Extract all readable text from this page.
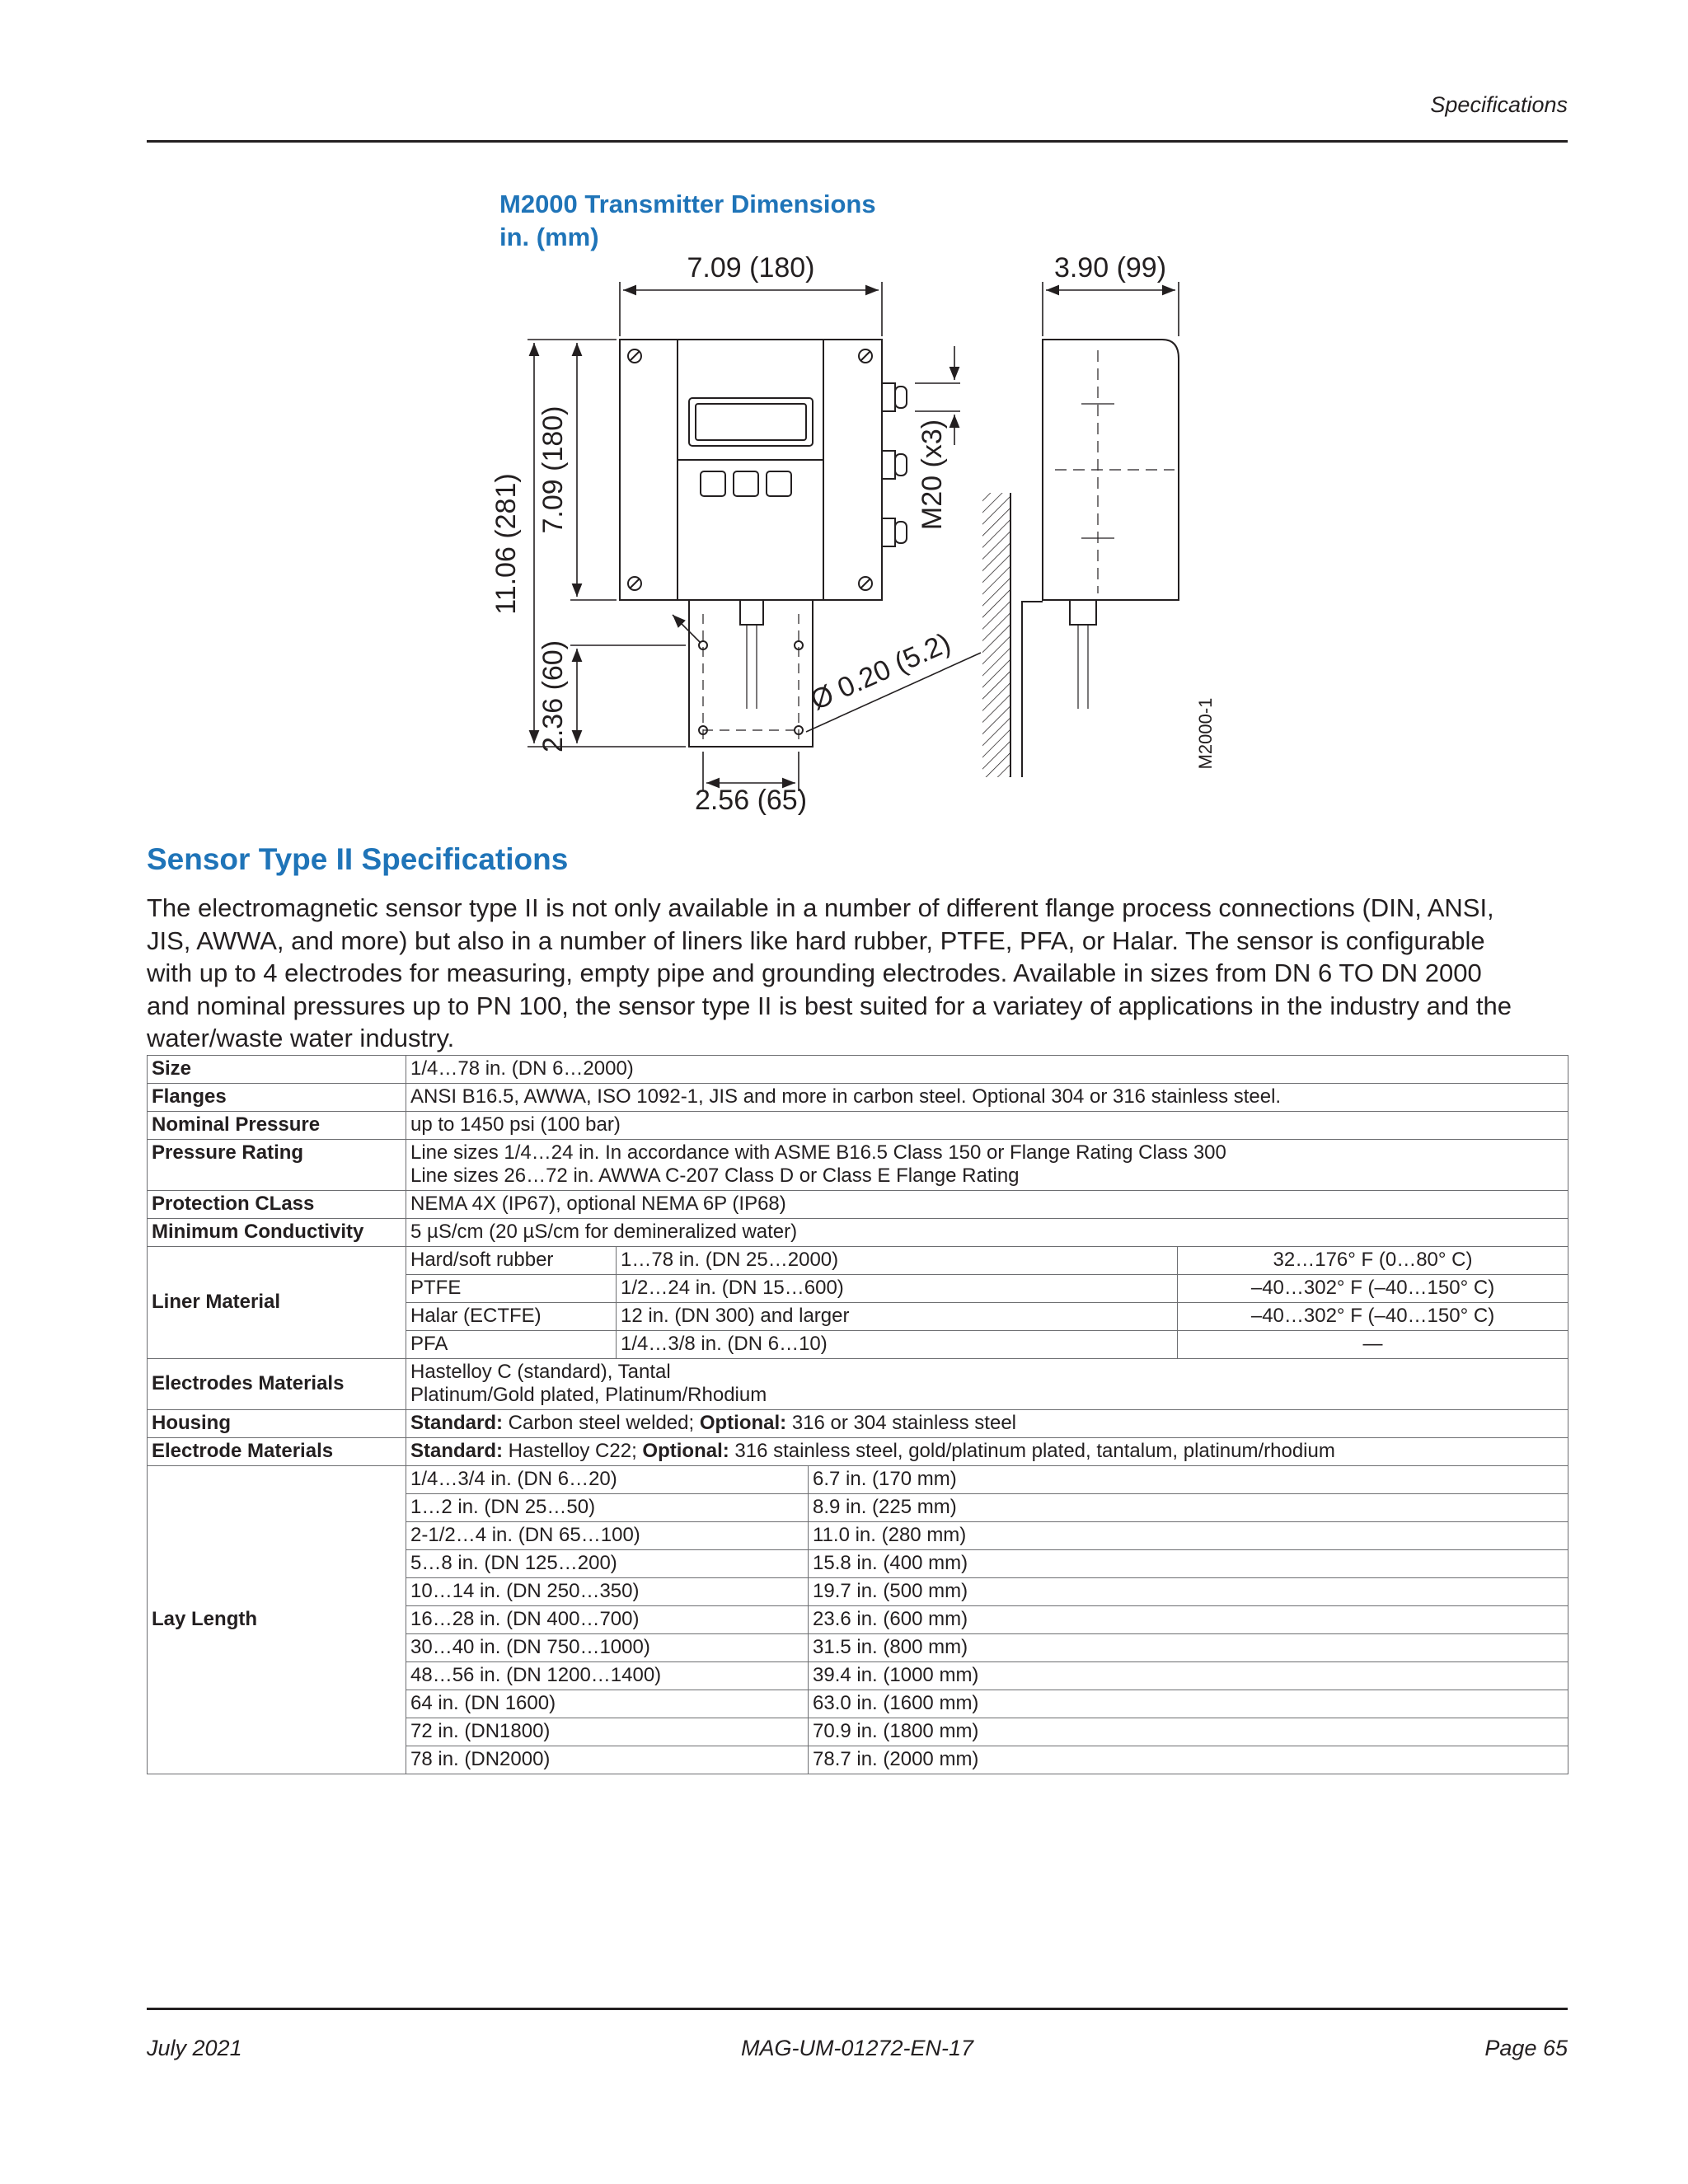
Specifications
M2000 Transmitter Dimensions
in. (mm)
7.09 (180)	3.90 (99)
11.06 (281)
7.09 (180)
2.36 (60)
M20 (x3)
Ø 0.20 (5.2)
2.56 (65)
M2000-1
Sensor Type II Specifications
The electromagnetic sensor type II is not only available in a number of different flange process connections (DIN, ANSI, JIS, AWWA, and more) but also in a number of liners like hard rubber, PTFE, PFA, or Halar. The sensor is configurable with up to 4 electrodes for measuring, empty pipe and grounding electrodes. Available in sizes from DN 6 TO DN 2000 and nominal pressures up to PN 100, the sensor type II is best suited for a variatey of applications in the industry and the water/waste water industry.
Size	1/4…78 in. (DN 6…2000)			
Flanges	ANSI B16.5, AWWA, ISO 1092-1, JIS and more in carbon steel. Optional 304 or 316 stainless steel.			
Nominal Pressure	up to 1450 psi (100 bar)			
Pressure Rating	Line sizes 1/4…24 in. In accordance with ASME B16.5 Class 150 or Flange Rating Class 300
Line sizes 26…72 in. AWWA C-207 Class D or Class E Flange Rating			

Protection CLass	NEMA 4X (IP67), optional NEMA 6P (IP68)			
Minimum Conductivity	5 µS/cm (20 µS/cm for demineralized water)			
Liner Material	Hard/soft rubber	1…78 in. (DN 25…2000)		32…176° F (0…80° C)
	PTFE	1/2…24 in. (DN 15…600)		–40…302° F (–40…150° C)
	Halar (ECTFE)	12 in. (DN 300) and larger		–40…302° F (–40…150° C)
	PFA	1/4…3/8 in. (DN 6…10)		—
Electrodes Materials	Hastelloy C (standard), Tantal
Platinum/Gold plated, Platinum/Rhodium			

Housing	Standard: Carbon steel welded; Optional: 316 or 304 stainless steel			
Electrode Materials	Standard: Hastelloy C22; Optional: 316 stainless steel, gold/platinum plated, tantalum, platinum/rhodium			
Lay Length	1/4…3/4 in. (DN 6…20)		6.7 in. (170 mm)	
	1…2 in. (DN 25…50)		8.9 in. (225 mm)	
	2-1/2…4 in. (DN 65…100)		11.0 in. (280 mm)	
	5…8 in. (DN 125…200)		15.8 in. (400 mm)	
	10…14 in. (DN 250…350)		19.7 in. (500 mm)	
	16…28 in. (DN 400…700)		23.6 in. (600 mm)	
	30…40 in. (DN 750…1000)		31.5 in. (800 mm)	
	48…56 in. (DN 1200…1400)		39.4 in. (1000 mm)	
	64 in. (DN 1600)		63.0 in. (1600 mm)	
	72 in. (DN1800)		70.9 in. (1800 mm)	
	78 in. (DN2000)		78.7 in. (2000 mm)	
July 2021	MAG-UM-01272-EN-17	Page 65
